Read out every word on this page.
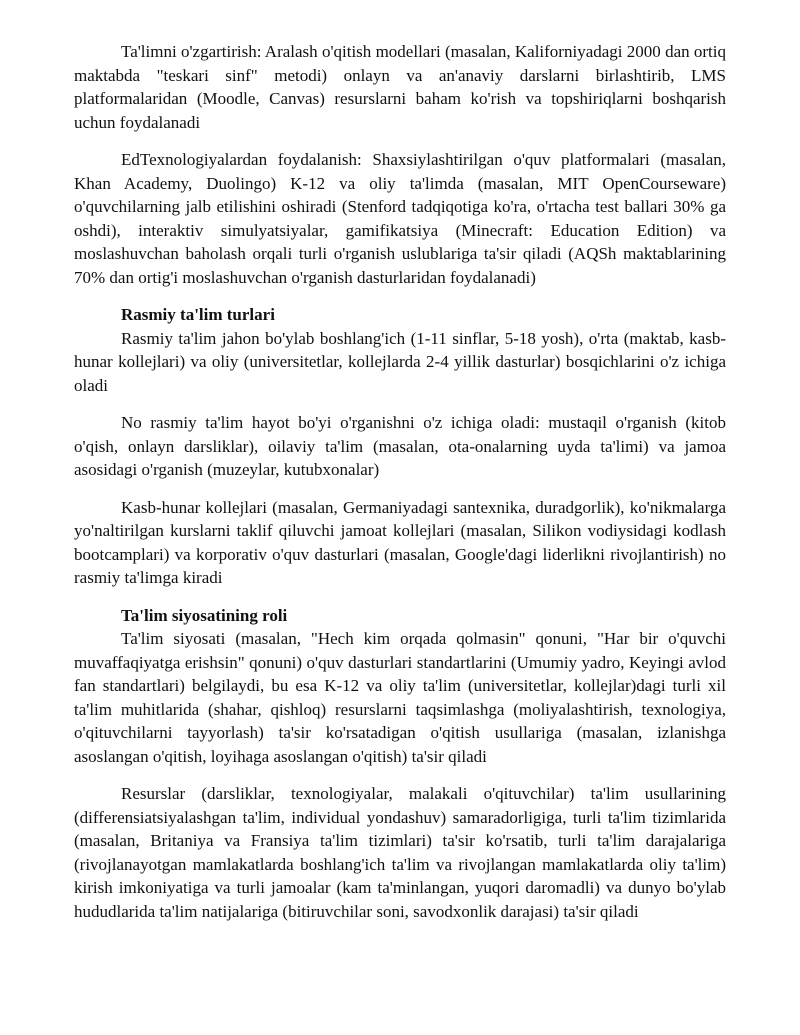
Ta'limni o'zgartirish: Aralash o'qitish modellari (masalan, Kaliforniyadagi 2000 dan ortiq maktabda "teskari sinf" metodi) onlayn va an'anaviy darslarni birlashtirib, LMS platformalaridan (Moodle, Canvas) resurslarni baham ko'rish va topshiriqlarni boshqarish uchun foydalanadi

EdTexnologiyalardan foydalanish: Shaxsiylashtirilgan o'quv platformalari (masalan, Khan Academy, Duolingo) K-12 va oliy ta'limda (masalan, MIT OpenCourseware) o'quvchilarning jalb etilishini oshiradi (Stenford tadqiqotiga ko'ra, o'rtacha test ballari 30% ga oshdi), interaktiv simulyatsiyalar, gamifikatsiya (Minecraft: Education Edition) va moslashuvchan baholash orqali turli o'rganish uslublariga ta'sir qiladi (AQSh maktablarining 70% dan ortig'i moslashuvchan o'rganish dasturlaridan foydalanadi)

Rasmiy ta'lim turlari

Rasmiy ta'lim jahon bo'ylab boshlang'ich (1-11 sinflar, 5-18 yosh), o'rta (maktab, kasb-hunar kollejlari) va oliy (universitetlar, kollejlarda 2-4 yillik dasturlar) bosqichlarini o'z ichiga oladi

No rasmiy ta'lim hayot bo'yi o'rganishni o'z ichiga oladi: mustaqil o'rganish (kitob o'qish, onlayn darsliklar), oilaviy ta'lim (masalan, ota-onalarning uyda ta'limi) va jamoa asosidagi o'rganish (muzeylar, kutubxonalar)

Kasb-hunar kollejlari (masalan, Germaniyadagi santexnika, duradgorlik), ko'nikmalarga yo'naltirilgan kurslarni taklif qiluvchi jamoat kollejlari (masalan, Silikon vodiysidagi kodlash bootcamplari) va korporativ o'quv dasturlari (masalan, Google'dagi liderlikni rivojlantirish) no rasmiy ta'limga kiradi

Ta'lim siyosatining roli

Ta'lim siyosati (masalan, "Hech kim orqada qolmasin" qonuni, "Har bir o'quvchi muvaffaqiyatga erishsin" qonuni) o'quv dasturlari standartlarini (Umumiy yadro, Keyingi avlod fan standartlari) belgilaydi, bu esa K-12 va oliy ta'lim (universitetlar, kollejlar)dagi turli xil ta'lim muhitlarida (shahar, qishloq) resurslarni taqsimlashga (moliyalashtirish, texnologiya, o'qituvchilarni tayyorlash) ta'sir ko'rsatadigan o'qitish usullariga (masalan, izlanishga asoslangan o'qitish, loyihaga asoslangan o'qitish) ta'sir qiladi

Resurslar (darsliklar, texnologiyalar, malakali o'qituvchilar) ta'lim usullarining (differensiatsiyalashgan ta'lim, individual yondashuv) samaradorligiga, turli ta'lim tizimlarida (masalan, Britaniya va Fransiya ta'lim tizimlari) ta'sir ko'rsatib, turli ta'lim darajalariga (rivojlanayotgan mamlakatlarda boshlang'ich ta'lim va rivojlangan mamlakatlarda oliy ta'lim) kirish imkoniyatiga va turli jamoalar (kam ta'minlangan, yuqori daromadli) va dunyo bo'ylab hududlarida ta'lim natijalariga (bitiruvchilar soni, savodxonlik darajasi) ta'sir qiladi
